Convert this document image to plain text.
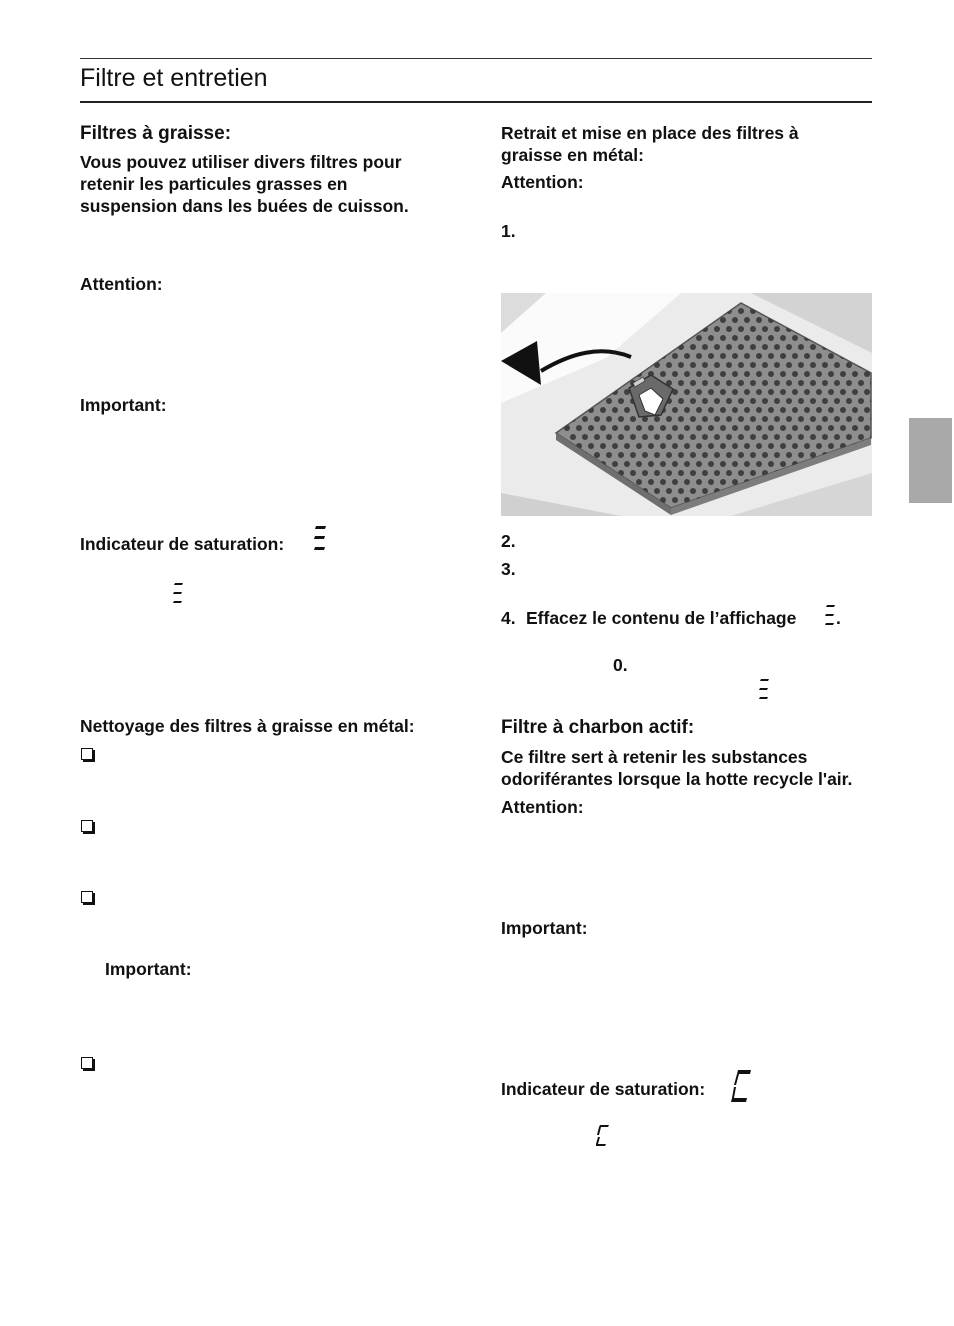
Filtre et entretien
Filtres à graisse:
Vous pouvez utiliser divers filtres pour
retenir les particules grasses en
suspension dans les buées de cuisson.
Attention:
Important:
Indicateur de saturation:
Nettoyage des filtres à graisse en métal:
Important:
Retrait et mise en place des filtres à
graisse en métal:
Attention:
1.
2.
3.
4. Effacez le contenu de l’affichage .
0.
Filtre à charbon actif:
Ce filtre sert à retenir les substances
odoriférantes lorsque la hotte recycle l'air.
Attention:
Important:
Indicateur de saturation:
